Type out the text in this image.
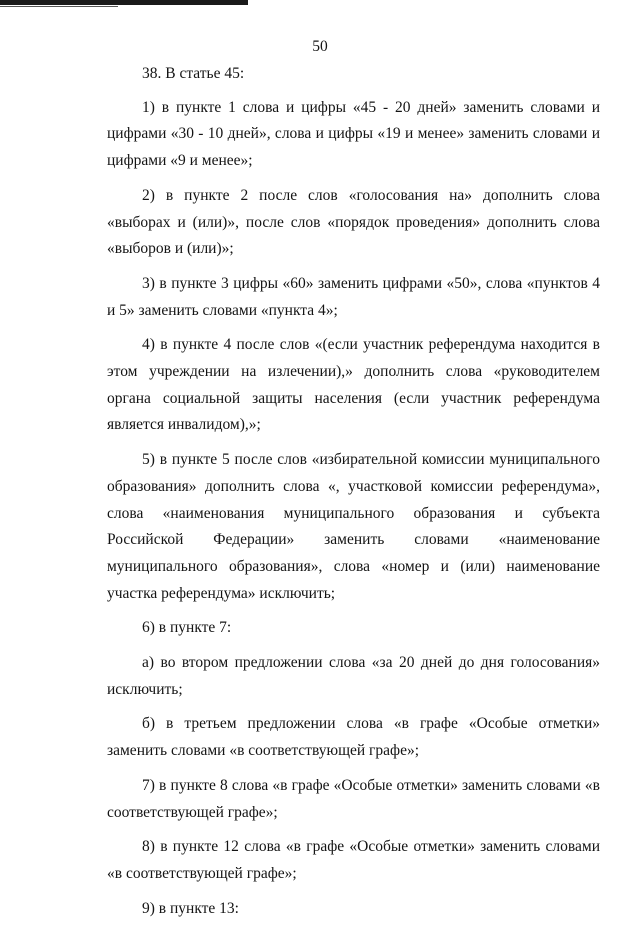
50

38. В статье 45:

1) в пункте 1 слова и цифры «45 - 20 дней» заменить словами и цифрами «30 - 10 дней», слова и цифры «19 и менее» заменить словами и цифрами «9 и менее»;

2) в пункте 2 после слов «голосования на» дополнить слова «выборах и (или)», после слов «порядок проведения» дополнить слова «выборов и (или)»;

3) в пункте 3 цифры «60» заменить цифрами «50», слова «пунктов 4 и 5» заменить словами «пункта 4»;

4) в пункте 4 после слов «(если участник референдума находится в этом учреждении на излечении),» дополнить слова «руководителем органа социальной защиты населения (если участник референдума является инвалидом),»;

5) в пункте 5 после слов «избирательной комиссии муниципального образования» дополнить слова «, участковой комиссии референдума», слова «наименования муниципального образования и субъекта Российской Федерации» заменить словами «наименование муниципального образования», слова «номер и (или) наименование участка референдума» исключить;

6) в пункте 7:

а) во втором предложении слова «за 20 дней до дня голосования» исключить;

б) в третьем предложении слова «в графе «Особые отметки» заменить словами «в соответствующей графе»;

7) в пункте 8 слова «в графе «Особые отметки» заменить словами «в соответствующей графе»;

8) в пункте 12 слова «в графе «Особые отметки» заменить словами «в соответствующей графе»;

9) в пункте 13:
